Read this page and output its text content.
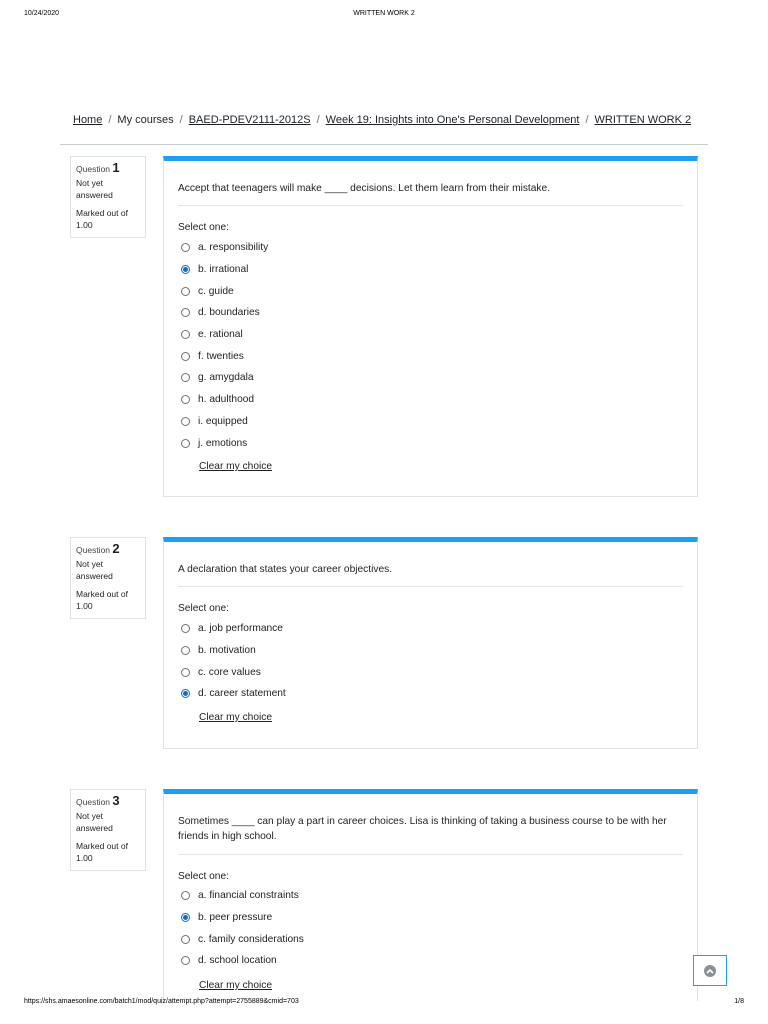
10/24/2020	WRITTEN WORK 2
Home / My courses / BAED-PDEV2111-2012S / Week 19: Insights into One's Personal Development / WRITTEN WORK 2
Question 1
Not yet answered
Marked out of 1.00
Accept that teenagers will make ____ decisions. Let them learn from their mistake.
Select one:
a. responsibility
b. irrational
c. guide
d. boundaries
e. rational
f. twenties
g. amygdala
h. adulthood
i. equipped
j. emotions
Clear my choice
Question 2
Not yet answered
Marked out of 1.00
A declaration that states your career objectives.
Select one:
a. job performance
b. motivation
c. core values
d. career statement
Clear my choice
Question 3
Not yet answered
Marked out of 1.00
Sometimes ____ can play a part in career choices. Lisa is thinking of taking a business course to be with her friends in high school.
Select one:
a. financial constraints
b. peer pressure
c. family considerations
d. school location
Clear my choice
https://shs.amaesonline.com/batch1/mod/quiz/attempt.php?attempt=2755889&cmid=703	1/8
